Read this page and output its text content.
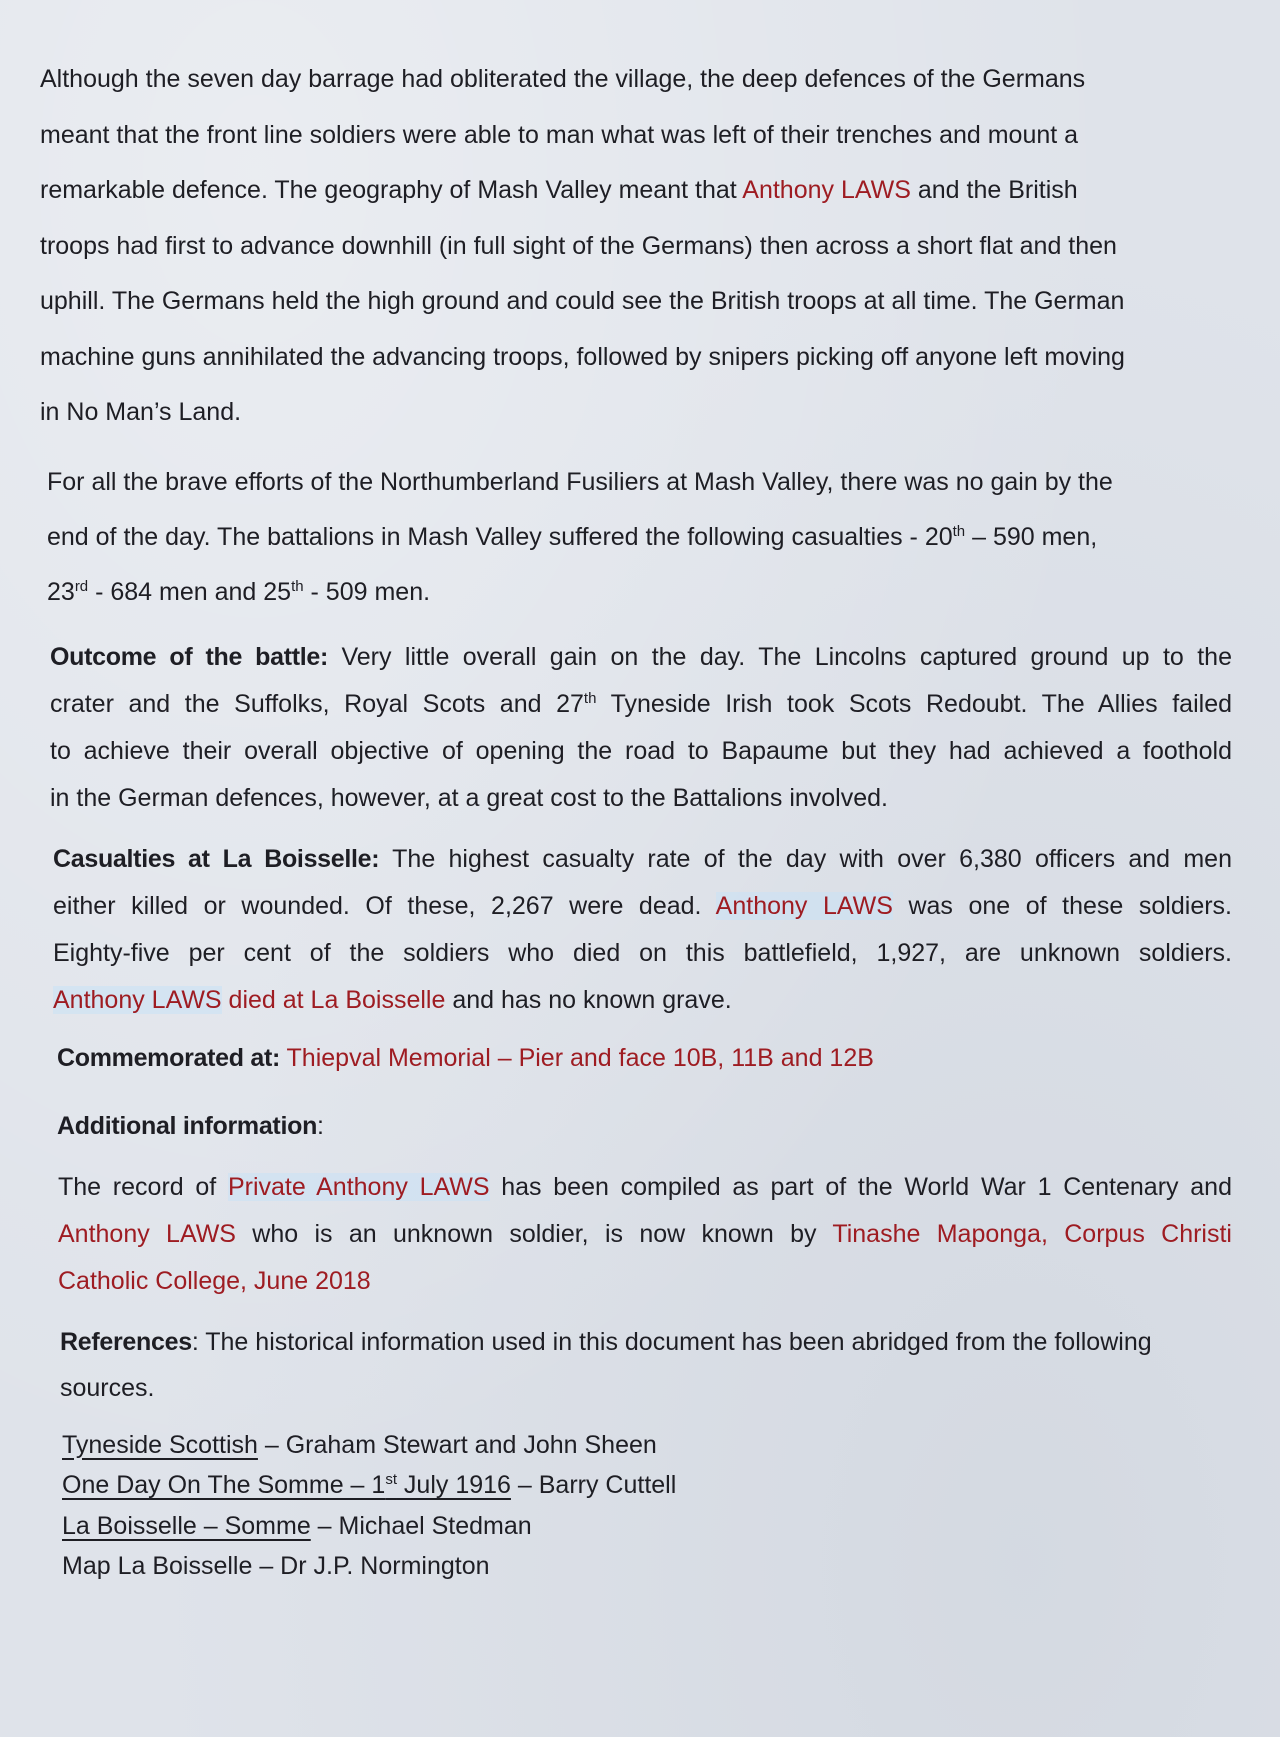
Although the seven day barrage had obliterated the village, the deep defences of the Germans
meant that the front line soldiers were able to man what was left of their trenches and mount a
remarkable defence. The geography of Mash Valley meant that Anthony LAWS and the British
troops had first to advance downhill (in full sight of the Germans) then across a short flat and then
uphill. The Germans held the high ground and could see the British troops at all time. The German
machine guns annihilated the advancing troops, followed by snipers picking off anyone left moving
in No Man’s Land.

For all the brave efforts of the Northumberland Fusiliers at Mash Valley, there was no gain by the
end of the day. The battalions in Mash Valley suffered the following casualties - 20th – 590 men,
23rd - 684 men and 25th - 509 men.

Outcome of the battle: Very little overall gain on the day. The Lincolns captured ground up to the
crater and the Suffolks, Royal Scots and 27th Tyneside Irish took Scots Redoubt. The Allies failed
to achieve their overall objective of opening the road to Bapaume but they had achieved a foothold
in the German defences, however, at a great cost to the Battalions involved.

Casualties at La Boisselle: The highest casualty rate of the day with over 6,380 officers and men
either killed or wounded. Of these, 2,267 were dead. Anthony LAWS was one of these soldiers.
Eighty-five per cent of the soldiers who died on this battlefield, 1,927, are unknown soldiers.
Anthony LAWS died at La Boisselle and has no known grave.

Commemorated at: Thiepval Memorial – Pier and face 10B, 11B and 12B

Additional information:

The record of Private Anthony LAWS has been compiled as part of the World War 1 Centenary and
Anthony LAWS who is an unknown soldier, is now known by Tinashe Maponga, Corpus Christi
Catholic College, June 2018

References: The historical information used in this document has been abridged from the following
sources.

Tyneside Scottish – Graham Stewart and John Sheen
One Day On The Somme – 1st July 1916 – Barry Cuttell
La Boisselle – Somme – Michael Stedman
Map La Boisselle – Dr J.P. Normington
